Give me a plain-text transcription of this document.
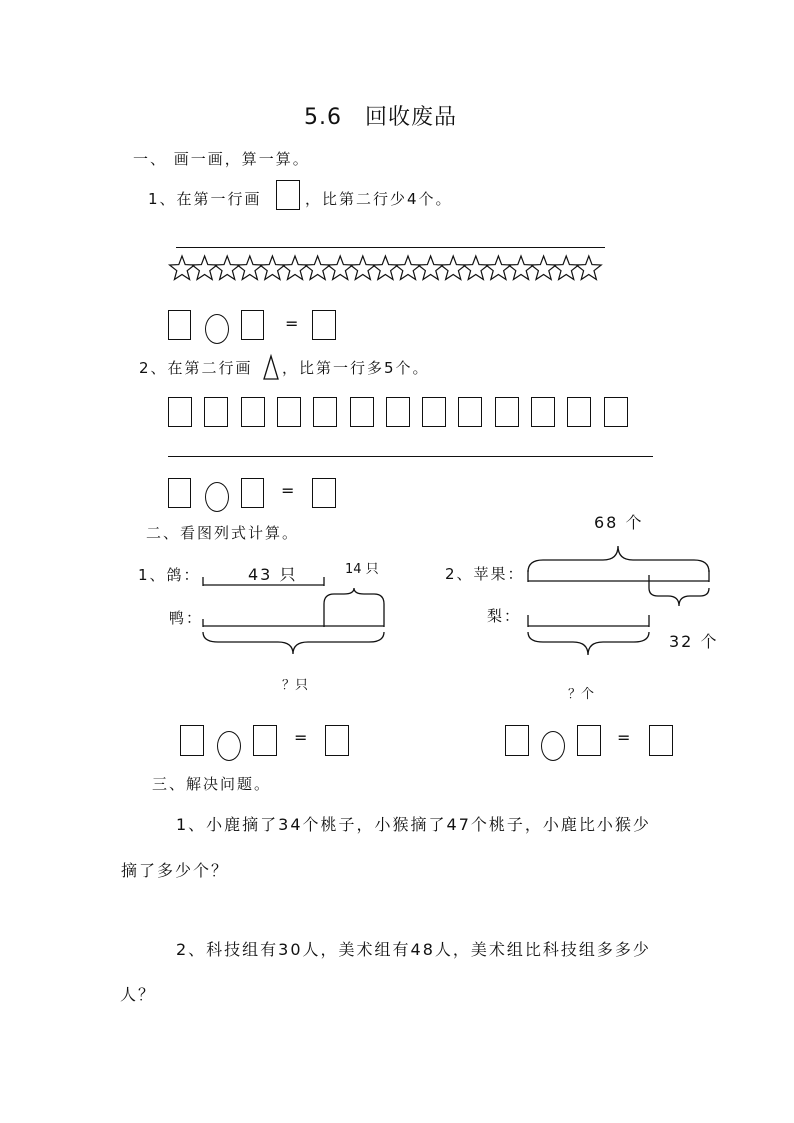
5.6　回收废品
一、 画一画，算一算。
1、在第一行画	，比第二行少4个。
=
2、在第二行画 ，比第一行多5个。
=
二、看图列式计算。
1、鸽：	43 只	14 只
鸭：
？只
68 个
2、苹果：
梨：
32 个
？个
=	=
三、解决问题。
1、小鹿摘了34个桃子，小猴摘了47个桃子，小鹿比小猴少
摘了多少个？
2、科技组有30人，美术组有48人，美术组比科技组多多少
人？
